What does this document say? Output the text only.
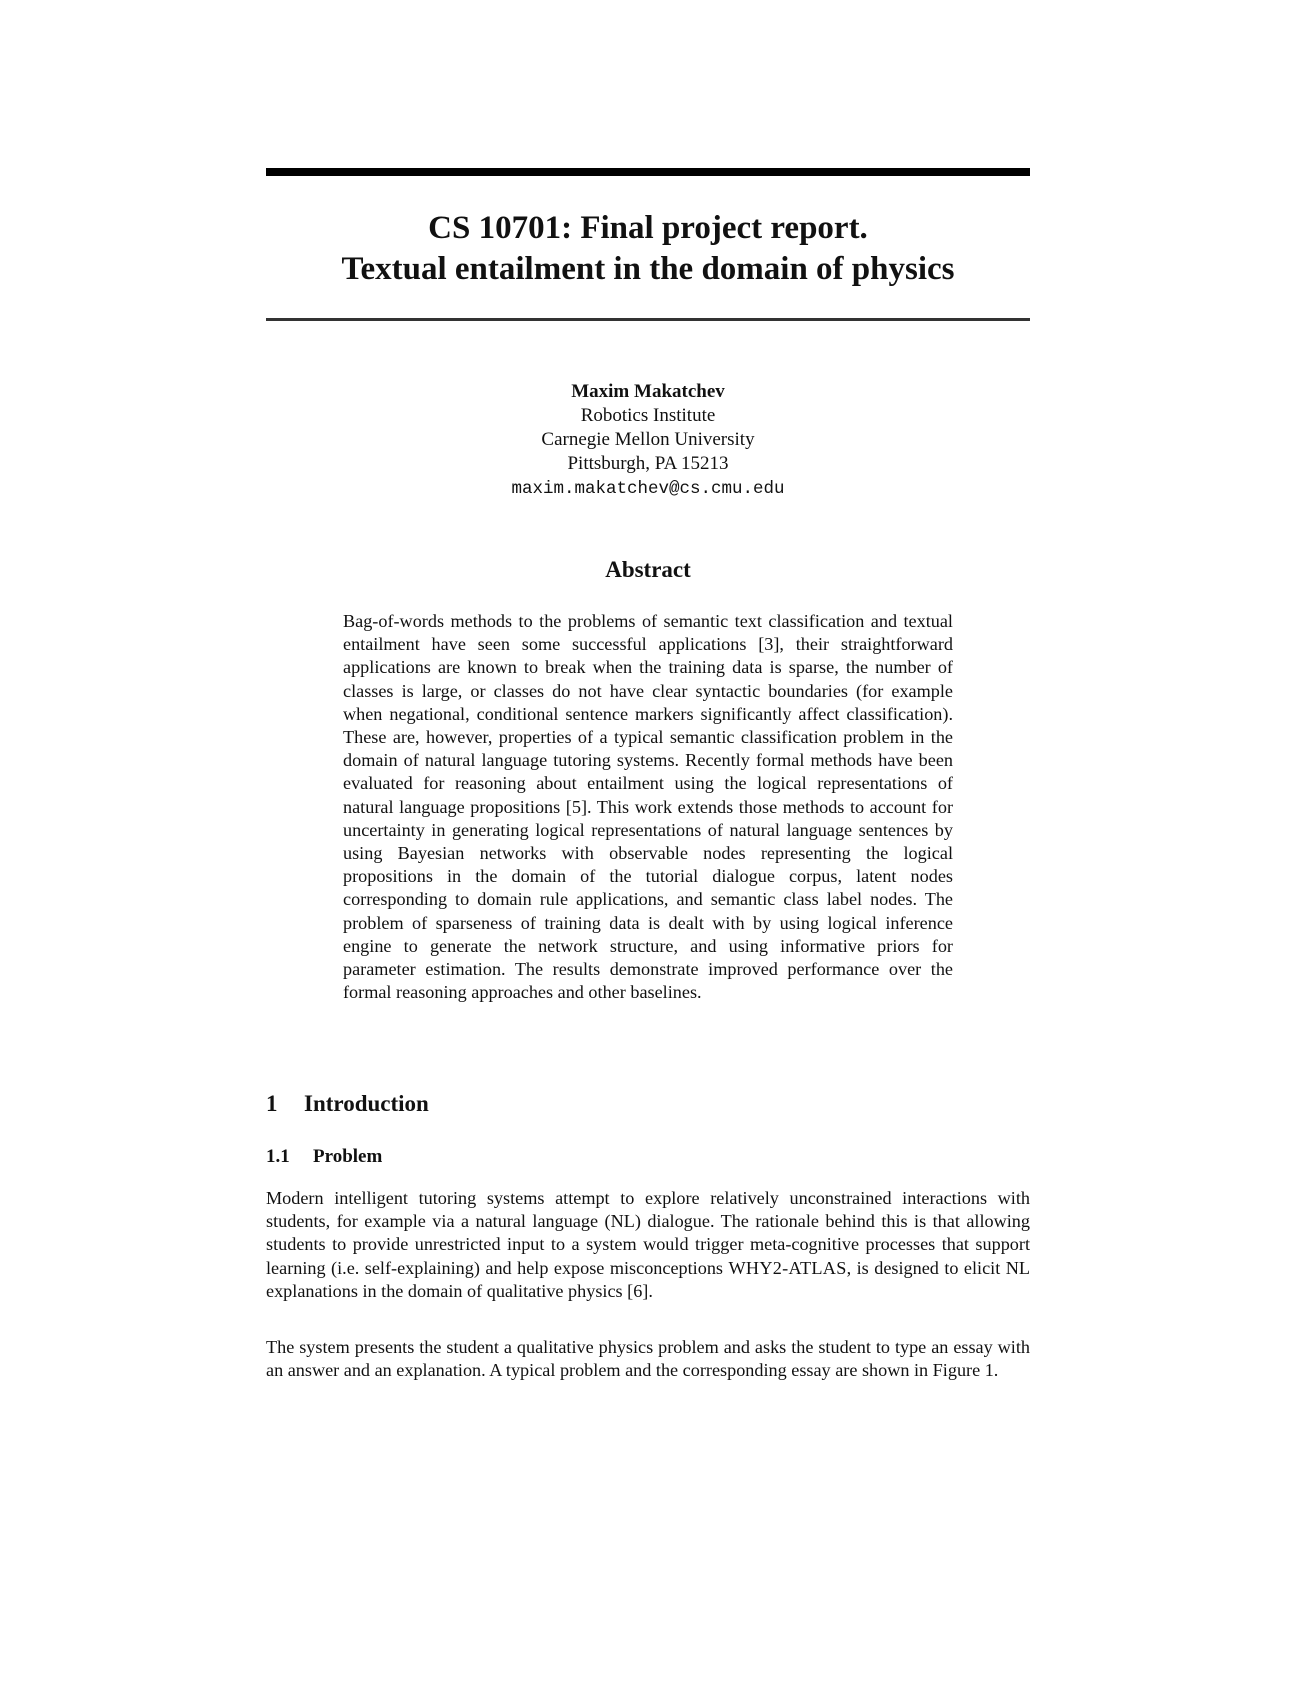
CS 10701: Final project report.
Textual entailment in the domain of physics
Maxim Makatchev
Robotics Institute
Carnegie Mellon University
Pittsburgh, PA 15213
maxim.makatchev@cs.cmu.edu
Abstract
Bag-of-words methods to the problems of semantic text classification and textual entailment have seen some successful applications [3], their straightforward applications are known to break when the training data is sparse, the number of classes is large, or classes do not have clear syntactic boundaries (for example when negational, conditional sentence markers significantly affect classification). These are, however, properties of a typical semantic classification problem in the domain of natural language tutoring systems. Recently formal methods have been evaluated for reasoning about entailment using the logical representations of natural language propositions [5]. This work extends those methods to account for uncertainty in generating logical representations of natural language sentences by using Bayesian networks with observable nodes representing the logical propositions in the domain of the tutorial dialogue corpus, latent nodes corresponding to domain rule applications, and semantic class label nodes. The problem of sparseness of training data is dealt with by using logical inference engine to generate the network structure, and using informative priors for parameter estimation. The results demonstrate improved performance over the formal reasoning approaches and other baselines.
1 Introduction
1.1 Problem
Modern intelligent tutoring systems attempt to explore relatively unconstrained interactions with students, for example via a natural language (NL) dialogue. The rationale behind this is that allowing students to provide unrestricted input to a system would trigger meta-cognitive processes that support learning (i.e. self-explaining) and help expose misconceptions WHY2-ATLAS, is designed to elicit NL explanations in the domain of qualitative physics [6].
The system presents the student a qualitative physics problem and asks the student to type an essay with an answer and an explanation. A typical problem and the corresponding essay are shown in Figure 1.
